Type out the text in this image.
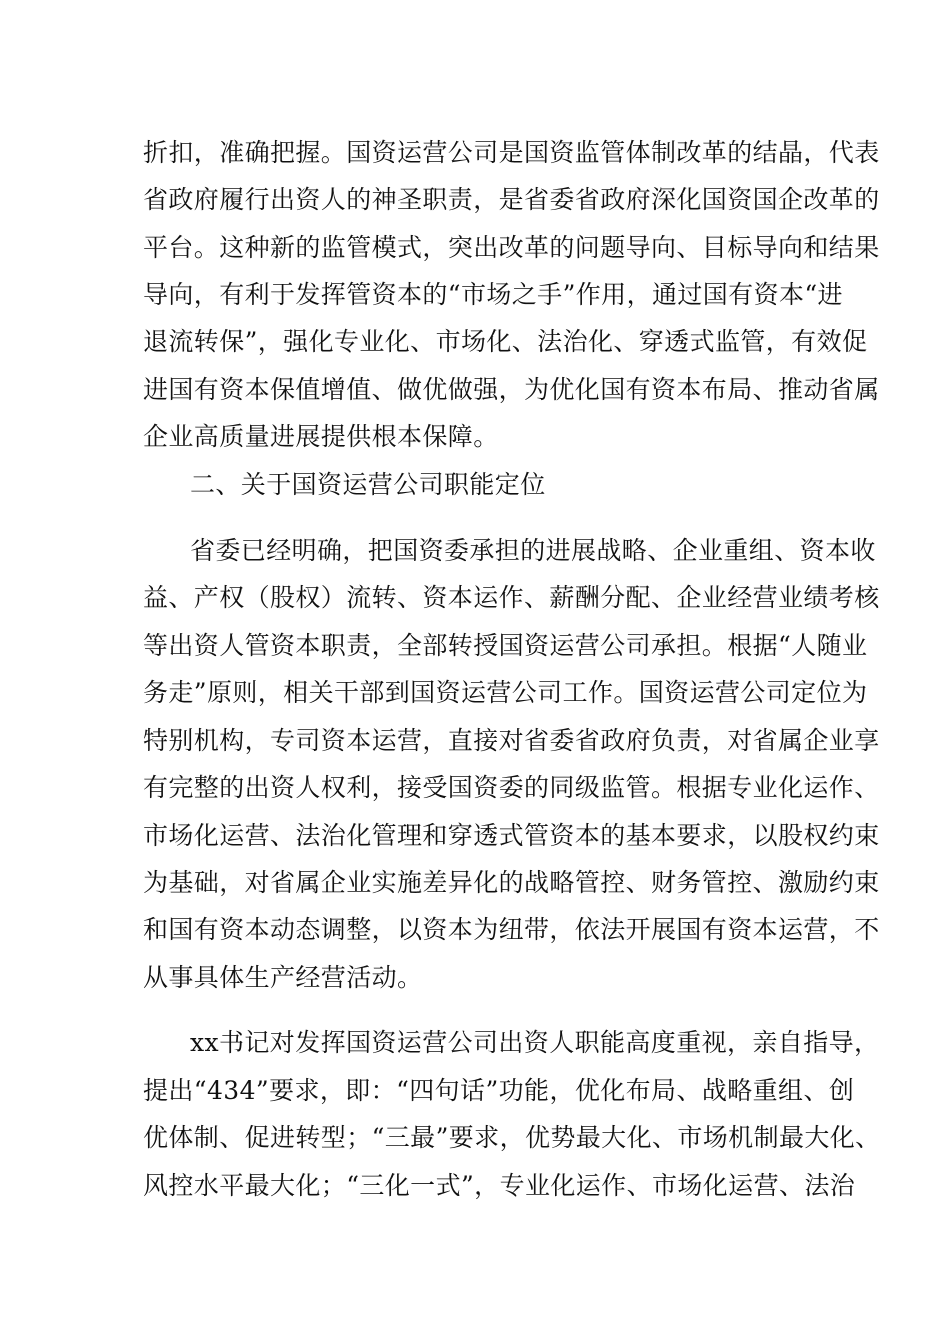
折扣，准确把握。国资运营公司是国资监管体制改革的结晶，代表
省政府履行出资人的神圣职责，是省委省政府深化国资国企改革的
平台。这种新的监管模式，突出改革的问题导向、目标导向和结果
导向，有利于发挥管资本的“市场之手”作用，通过国有资本“进
退流转保”，强化专业化、市场化、法治化、穿透式监管，有效促
进国有资本保值增值、做优做强，为优化国有资本布局、推动省属
企业高质量进展提供根本保障。
二、关于国资运营公司职能定位
省委已经明确，把国资委承担的进展战略、企业重组、资本收
益、产权（股权）流转、资本运作、薪酬分配、企业经营业绩考核
等出资人管资本职责，全部转授国资运营公司承担。根据“人随业
务走”原则，相关干部到国资运营公司工作。国资运营公司定位为
特别机构，专司资本运营，直接对省委省政府负责，对省属企业享
有完整的出资人权利，接受国资委的同级监管。根据专业化运作、
市场化运营、法治化管理和穿透式管资本的基本要求，以股权约束
为基础，对省属企业实施差异化的战略管控、财务管控、激励约束
和国有资本动态调整，以资本为纽带，依法开展国有资本运营，不
从事具体生产经营活动。
xx书记对发挥国资运营公司出资人职能高度重视，亲自指导，
提出“434”要求，即：“四句话”功能，优化布局、战略重组、创
优体制、促进转型；“三最”要求，优势最大化、市场机制最大化、
风控水平最大化；“三化一式”，专业化运作、市场化运营、法治
